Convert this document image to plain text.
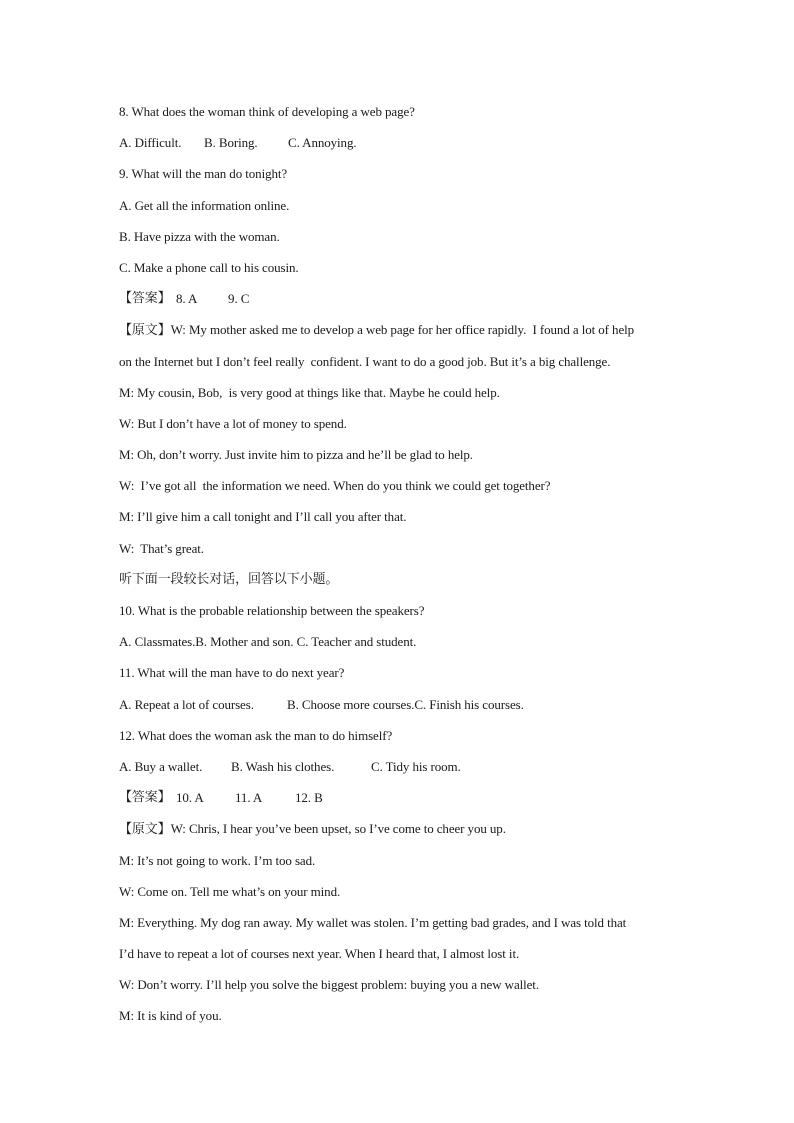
8. What does the woman think of developing a web page?

A. Difficult.

B. Boring.

C. Annoying.

9. What will the man do tonight?
A. Get all the information online.
B. Have pizza with the woman.
C. Make a phone call to his cousin.

【答案】

8. A

9. C

【原文】W: My mother asked me to develop a web page for her office rapidly.  I found a lot of help
on the Internet but I don’t feel really  confident. I want to do a good job. But it’s a big challenge.
M: My cousin, Bob,  is very good at things like that. Maybe he could help.
W: But I don’t have a lot of money to spend.
M: Oh, don’t worry. Just invite him to pizza and he’ll be glad to help.
W:  I’ve got all  the information we need. When do you think we could get together?
M: I’ll give him a call tonight and I’ll call you after that.
W:  That’s great.
听下面一段较长对话，回答以下小题。
10. What is the probable relationship between the speakers?
A. Classmates.B. Mother and son. C. Teacher and student.
11. What will the man have to do next year?

A. Repeat a lot of courses.

	B. Choose more courses.C. Finish his courses.

12. What does the woman ask the man to do himself?

A. Buy a wallet.

B. Wash his clothes.

	C. Tidy his room.

【答案】

10. A

11. A

	12. B

【原文】W: Chris, I hear you’ve been upset, so I’ve come to cheer you up.
M: It’s not going to work. I’m too sad.
W: Come on. Tell me what’s on your mind.
M: Everything. My dog ran away. My wallet was stolen. I’m getting bad grades, and I was told that
I’d have to repeat a lot of courses next year. When I heard that, I almost lost it.
W: Don’t worry. I’ll help you solve the biggest problem: buying you a new wallet.
M: It is kind of you.
